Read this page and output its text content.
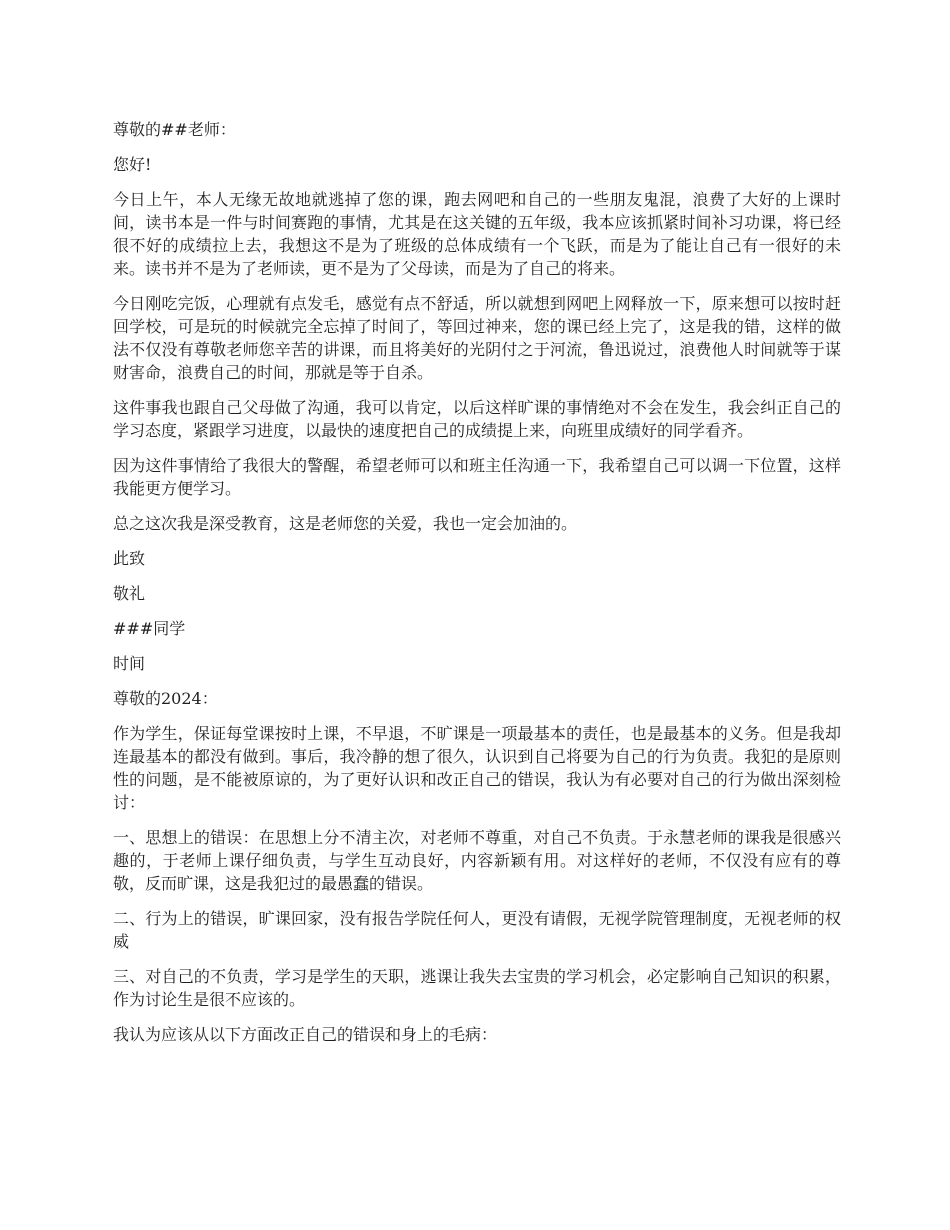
尊敬的##老师：

您好!

今日上午，本人无缘无故地就逃掉了您的课，跑去网吧和自己的一些朋友鬼混，浪费了大好的上课时间，读书本是一件与时间赛跑的事情，尤其是在这关键的五年级，我本应该抓紧时间补习功课，将已经很不好的成绩拉上去，我想这不是为了班级的总体成绩有一个飞跃，而是为了能让自己有一很好的未来。读书并不是为了老师读，更不是为了父母读，而是为了自己的将来。

今日刚吃完饭，心理就有点发毛，感觉有点不舒适，所以就想到网吧上网释放一下，原来想可以按时赶回学校，可是玩的时候就完全忘掉了时间了，等回过神来，您的课已经上完了，这是我的错，这样的做法不仅没有尊敬老师您辛苦的讲课，而且将美好的光阴付之于河流，鲁迅说过，浪费他人时间就等于谋财害命，浪费自己的时间，那就是等于自杀。

这件事我也跟自己父母做了沟通，我可以肯定，以后这样旷课的事情绝对不会在发生，我会纠正自己的学习态度，紧跟学习进度，以最快的速度把自己的成绩提上来，向班里成绩好的同学看齐。

因为这件事情给了我很大的警醒，希望老师可以和班主任沟通一下，我希望自己可以调一下位置，这样我能更方便学习。

总之这次我是深受教育，这是老师您的关爱，我也一定会加油的。

此致

敬礼

###同学

时间

尊敬的2024：

作为学生，保证每堂课按时上课，不早退，不旷课是一项最基本的责任，也是最基本的义务。但是我却连最基本的都没有做到。事后，我冷静的想了很久，认识到自己将要为自己的行为负责。我犯的是原则性的问题，是不能被原谅的，为了更好认识和改正自己的错误，我认为有必要对自己的行为做出深刻检讨：

一、思想上的错误：在思想上分不清主次，对老师不尊重，对自己不负责。于永慧老师的课我是很感兴趣的，于老师上课仔细负责，与学生互动良好，内容新颖有用。对这样好的老师，不仅没有应有的尊敬，反而旷课，这是我犯过的最愚蠢的错误。

二、行为上的错误，旷课回家，没有报告学院任何人，更没有请假，无视学院管理制度，无视老师的权威

三、对自己的不负责，学习是学生的天职，逃课让我失去宝贵的学习机会，必定影响自己知识的积累，作为讨论生是很不应该的。

我认为应该从以下方面改正自己的错误和身上的毛病：
